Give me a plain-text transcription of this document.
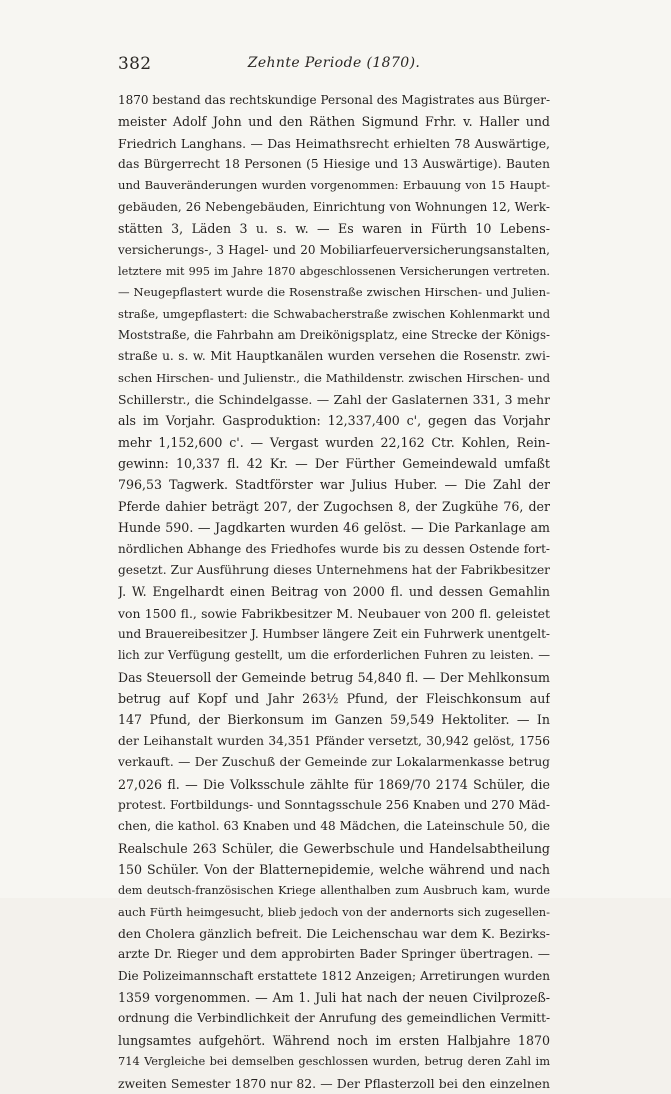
382	Zehnte Periode (1870).
1870 bestand das rechtskundige Personal des Magistrates aus Bürger-
meister Adolf John und den Räthen Sigmund Frhr. v. Haller und
Friedrich Langhans. — Das Heimathsrecht erhielten 78 Auswärtige,
das Bürgerrecht 18 Personen (5 Hiesige und 13 Auswärtige). Bauten
und Bauveränderungen wurden vorgenommen: Erbauung von 15 Haupt-
gebäuden, 26 Nebengebäuden, Einrichtung von Wohnungen 12, Werk-
stätten 3, Läden 3 u. s. w. — Es waren in Fürth 10 Lebens-
versicherungs-, 3 Hagel- und 20 Mobiliarfeuerversicherungsanstalten,
letztere mit 995 im Jahre 1870 abgeschlossenen Versicherungen vertreten.
— Neugepflastert wurde die Rosenstraße zwischen Hirschen- und Julien-
straße, umgepflastert: die Schwabacherstraße zwischen Kohlenmarkt und
Moststraße, die Fahrbahn am Dreikönigsplatz, eine Strecke der Königs-
straße u. s. w. Mit Hauptkanälen wurden versehen die Rosenstr. zwi-
schen Hirschen- und Julienstr., die Mathildenstr. zwischen Hirschen- und
Schillerstr., die Schindelgasse. — Zahl der Gaslaternen 331, 3 mehr
als im Vorjahr. Gasproduktion: 12,337,400 c', gegen das Vorjahr
mehr 1,152,600 c'. — Vergast wurden 22,162 Ctr. Kohlen, Rein-
gewinn: 10,337 fl. 42 Kr. — Der Fürther Gemeindewald umfaßt
796,53 Tagwerk. Stadtförster war Julius Huber. — Die Zahl der
Pferde dahier beträgt 207, der Zugochsen 8, der Zugkühe 76, der
Hunde 590. — Jagdkarten wurden 46 gelöst. — Die Parkanlage am
nördlichen Abhange des Friedhofes wurde bis zu dessen Ostende fort-
gesetzt. Zur Ausführung dieses Unternehmens hat der Fabrikbesitzer
J. W. Engelhardt einen Beitrag von 2000 fl. und dessen Gemahlin
von 1500 fl., sowie Fabrikbesitzer M. Neubauer von 200 fl. geleistet
und Brauereibesitzer J. Humbser längere Zeit ein Fuhrwerk unentgelt-
lich zur Verfügung gestellt, um die erforderlichen Fuhren zu leisten. —
Das Steuersoll der Gemeinde betrug 54,840 fl. — Der Mehlkonsum
betrug auf Kopf und Jahr 263½ Pfund, der Fleischkonsum auf
147 Pfund, der Bierkonsum im Ganzen 59,549 Hektoliter. — In
der Leihanstalt wurden 34,351 Pfänder versetzt, 30,942 gelöst, 1756
verkauft. — Der Zuschuß der Gemeinde zur Lokalarmenkasse betrug
27,026 fl. — Die Volksschule zählte für 1869/70 2174 Schüler, die
protest. Fortbildungs- und Sonntagsschule 256 Knaben und 270 Mäd-
chen, die kathol. 63 Knaben und 48 Mädchen, die Lateinschule 50, die
Realschule 263 Schüler, die Gewerbschule und Handelsabtheilung
150 Schüler. Von der Blatternepidemie, welche während und nach
dem deutsch-französischen Kriege allenthalben zum Ausbruch kam, wurde
auch Fürth heimgesucht, blieb jedoch von der andernorts sich zugesellen-
den Cholera gänzlich befreit. Die Leichenschau war dem K. Bezirks-
arzte Dr. Rieger und dem approbirten Bader Springer übertragen. —
Die Polizeimannschaft erstattete 1812 Anzeigen; Arretirungen wurden
1359 vorgenommen. — Am 1. Juli hat nach der neuen Civilprozeß-
ordnung die Verbindlichkeit der Anrufung des gemeindlichen Vermitt-
lungsamtes aufgehört. Während noch im ersten Halbjahre 1870
714 Vergleiche bei demselben geschlossen wurden, betrug deren Zahl im
zweiten Semester 1870 nur 82. — Der Pflasterzoll bei den einzelnen
